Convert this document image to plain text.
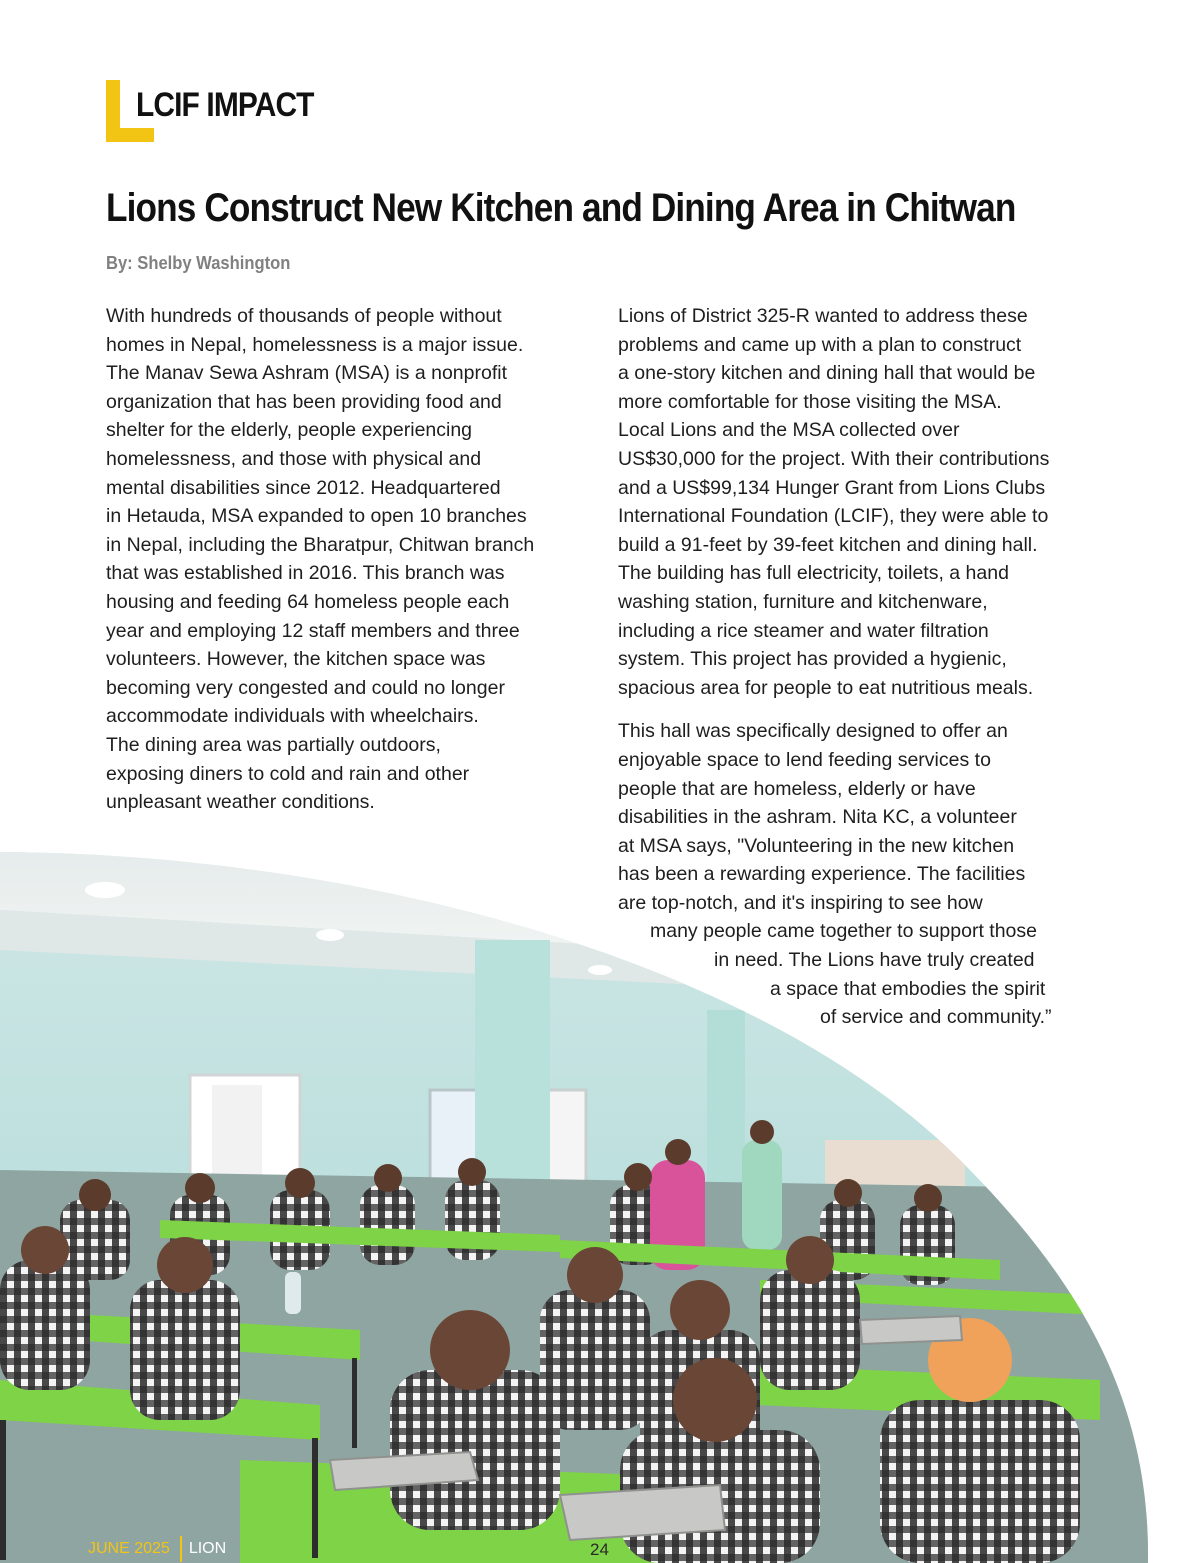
LCIF IMPACT
Lions Construct New Kitchen and Dining Area in Chitwan
By: Shelby Washington

With hundreds of thousands of people without
homes in Nepal, homelessness is a major issue.
The Manav Sewa Ashram (MSA) is a nonprofit
organization that has been providing food and
shelter for the elderly, people experiencing
homelessness, and those with physical and
mental disabilities since 2012. Headquartered
in Hetauda, MSA expanded to open 10 branches
in Nepal, including the Bharatpur, Chitwan branch
that was established in 2016. This branch was
housing and feeding 64 homeless people each
year and employing 12 staff members and three
volunteers. However, the kitchen space was
becoming very congested and could no longer
accommodate individuals with wheelchairs.
The dining area was partially outdoors,
exposing diners to cold and rain and other
unpleasant weather conditions.

Lions of District 325-R wanted to address these
problems and came up with a plan to construct
a one-story kitchen and dining hall that would be
more comfortable for those visiting the MSA.
Local Lions and the MSA collected over
US$30,000 for the project. With their contributions
and a US$99,134 Hunger Grant from Lions Clubs
International Foundation (LCIF), they were able to
build a 91-feet by 39-feet kitchen and dining hall.
The building has full electricity, toilets, a hand
washing station, furniture and kitchenware,
including a rice steamer and water filtration
system. This project has provided a hygienic,
spacious area for people to eat nutritious meals.

This hall was specifically designed to offer an
enjoyable space to lend feeding services to
people that are homeless, elderly or have
disabilities in the ashram. Nita KC, a volunteer
at MSA says, "Volunteering in the new kitchen
has been a rewarding experience. The facilities
are top-notch, and it's inspiring to see how
many people came together to support those
in need. The Lions have truly created
a space that embodies the spirit
of service and community.”

JUNE 2025 LION	24
